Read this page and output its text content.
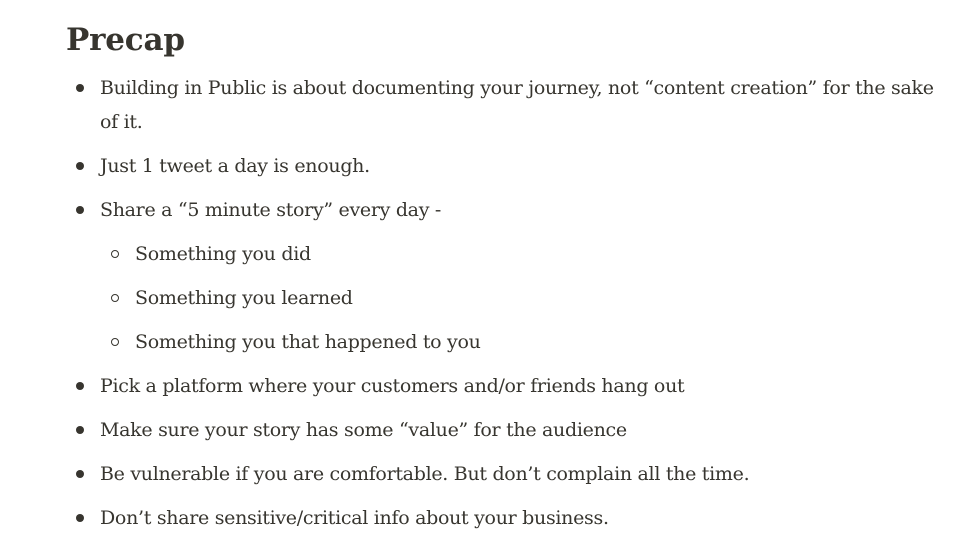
Precap
Building in Public is about documenting your journey, not “content creation” for the sake of it.
Just 1 tweet a day is enough.
Share a “5 minute story” every day -
Something you did
Something you learned
Something you that happened to you
Pick a platform where your customers and/or friends hang out
Make sure your story has some “value” for the audience
Be vulnerable if you are comfortable. But don’t complain all the time.
Don’t share sensitive/critical info about your business.
